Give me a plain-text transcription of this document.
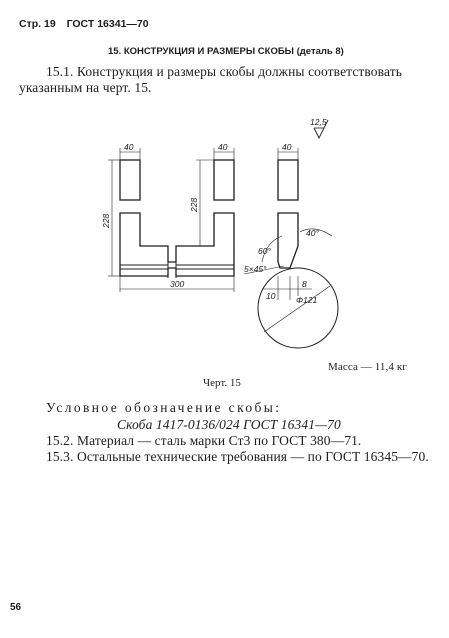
Стр. 19 ГОСТ 16341—70
15. КОНСТРУКЦИЯ И РАЗМЕРЫ СКОБЫ (деталь 8)
15.1. Конструкция и размеры скобы должны соответствовать
указанным на черт. 15.
12,5
40	40
228
228
300
40
60°
40°
5×45°
Φ121
8
10
Масса — 11,4 кг
Черт. 15
Условное обозначение скобы:
Скоба 1417-0136/024 ГОСТ 16341—70
15.2. Материал — сталь марки Ст3 по ГОСТ 380—71.
15.3. Остальные технические требования — по ГОСТ 16345—70.
56
